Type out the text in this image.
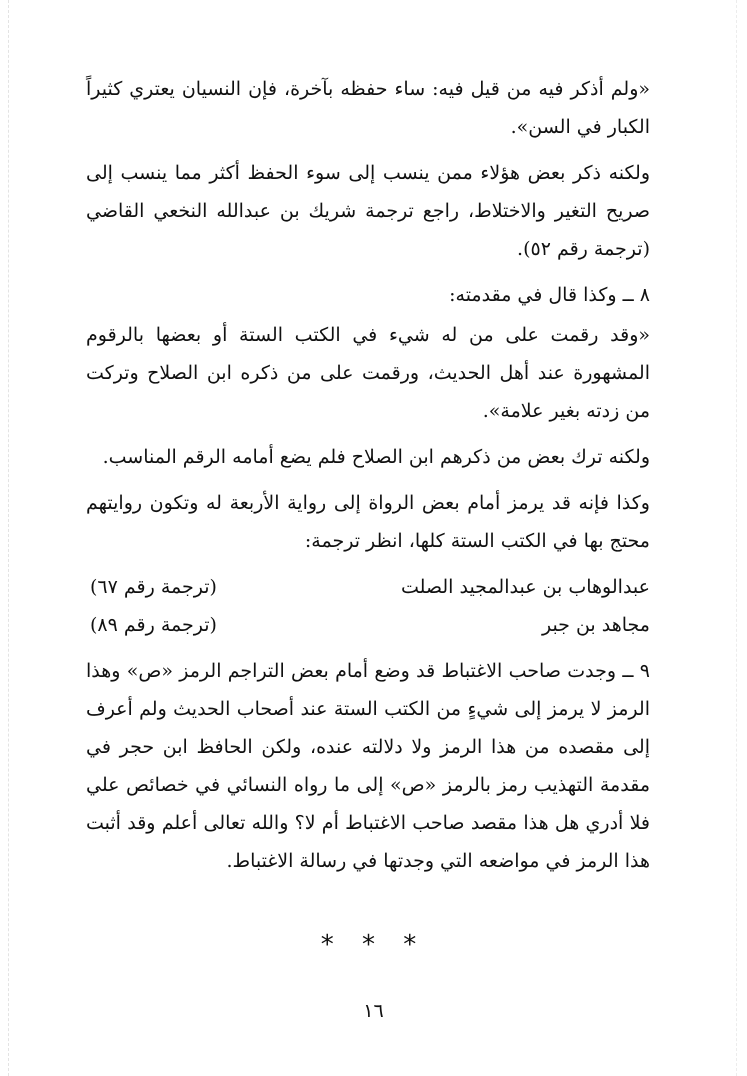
«ولم أذكر فيه من قيل فيه: ساء حفظه بآخرة، فإن النسيان يعتري كثيراً الكبار في السن».

ولكنه ذكر بعض هؤلاء ممن ينسب إلى سوء الحفظ أكثر مما ينسب إلى صريح التغير والاختلاط، راجع ترجمة شريك بن عبدالله النخعي القاضي (ترجمة رقم ٥٢).

٨ ــ وكذا قال في مقدمته:

«وقد رقمت على من له شيء في الكتب الستة أو بعضها بالرقوم المشهورة عند أهل الحديث، ورقمت على من ذكره ابن الصلاح وتركت من زدته بغير علامة».

ولكنه ترك بعض من ذكرهم ابن الصلاح فلم يضع أمامه الرقم المناسب.

وكذا فإنه قد يرمز أمام بعض الرواة إلى رواية الأربعة له وتكون روايتهم محتج بها في الكتب الستة كلها، انظر ترجمة:

عبدالوهاب بن عبدالمجيد الصلت
(ترجمة رقم ٦٧)
مجاهد بن جبر
(ترجمة رقم ٨٩)

٩ ــ وجدت صاحب الاغتباط قد وضع أمام بعض التراجم الرمز «ص» وهذا الرمز لا يرمز إلى شيءٍ من الكتب الستة عند أصحاب الحديث ولم أعرف إلى مقصده من هذا الرمز ولا دلالته عنده، ولكن الحافظ ابن حجر في مقدمة التهذيب رمز بالرمز «ص» إلى ما رواه النسائي في خصائص علي فلا أدري هل هذا مقصد صاحب الاغتباط أم لا؟ والله تعالى أعلم وقد أثبت هذا الرمز في مواضعه التي وجدتها في رسالة الاغتباط.

* * *
١٦
